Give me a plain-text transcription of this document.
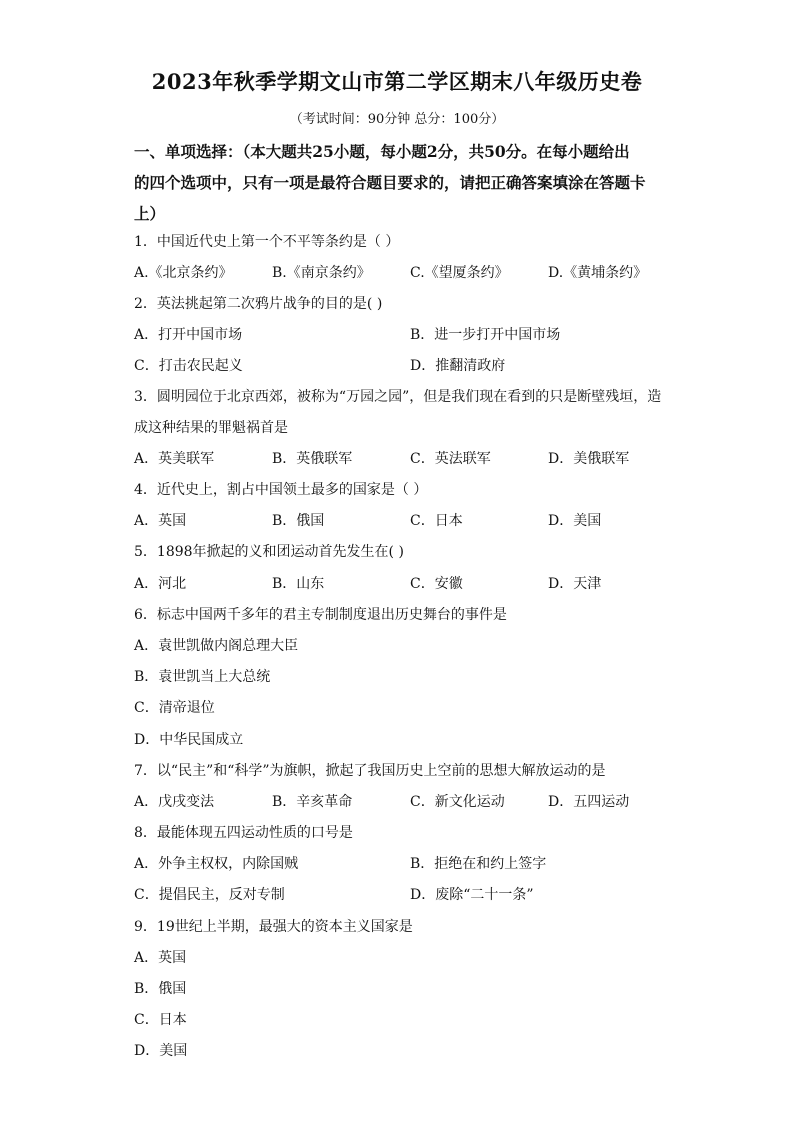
2023年秋季学期文山市第二学区期末八年级历史卷
（考试时间：90分钟 总分：100分）
一、单项选择：（本大题共25小题，每小题2分，共50分。在每小题给出
的四个选项中，只有一项是最符合题目要求的，请把正确答案填涂在答题卡
上）
1．中国近代史上第一个不平等条约是（ ）
A.《北京条约》	B.《南京条约》	C.《望厦条约》	D.《黄埔条约》
2．英法挑起第二次鸦片战争的目的是( )
A．打开中国市场	B．进一步打开中国市场
C．打击农民起义	D．推翻清政府
3．圆明园位于北京西郊，被称为“万园之园”，但是我们现在看到的只是断壁残垣，造
成这种结果的罪魁祸首是
A．英美联军	B．英俄联军	C．英法联军	D．美俄联军
4．近代史上，割占中国领土最多的国家是（ ）
A．英国	B．俄国	C．日本	D．美国
5．1898年掀起的义和团运动首先发生在( )
A．河北	B．山东	C．安徽	D．天津
6．标志中国两千多年的君主专制制度退出历史舞台的事件是
A．袁世凯做内阁总理大臣
B．袁世凯当上大总统
C．清帝退位
D．中华民国成立
7．以“民主”和“科学”为旗帜，掀起了我国历史上空前的思想大解放运动的是
A．戊戌变法	B．辛亥革命	C．新文化运动	D．五四运动
8．最能体现五四运动性质的口号是
A．外争主权权，内除国贼	B．拒绝在和约上签字
C．提倡民主，反对专制	D．废除“二十一条”
9．19世纪上半期，最强大的资本主义国家是
A．英国
B．俄国
C．日本
D．美国
